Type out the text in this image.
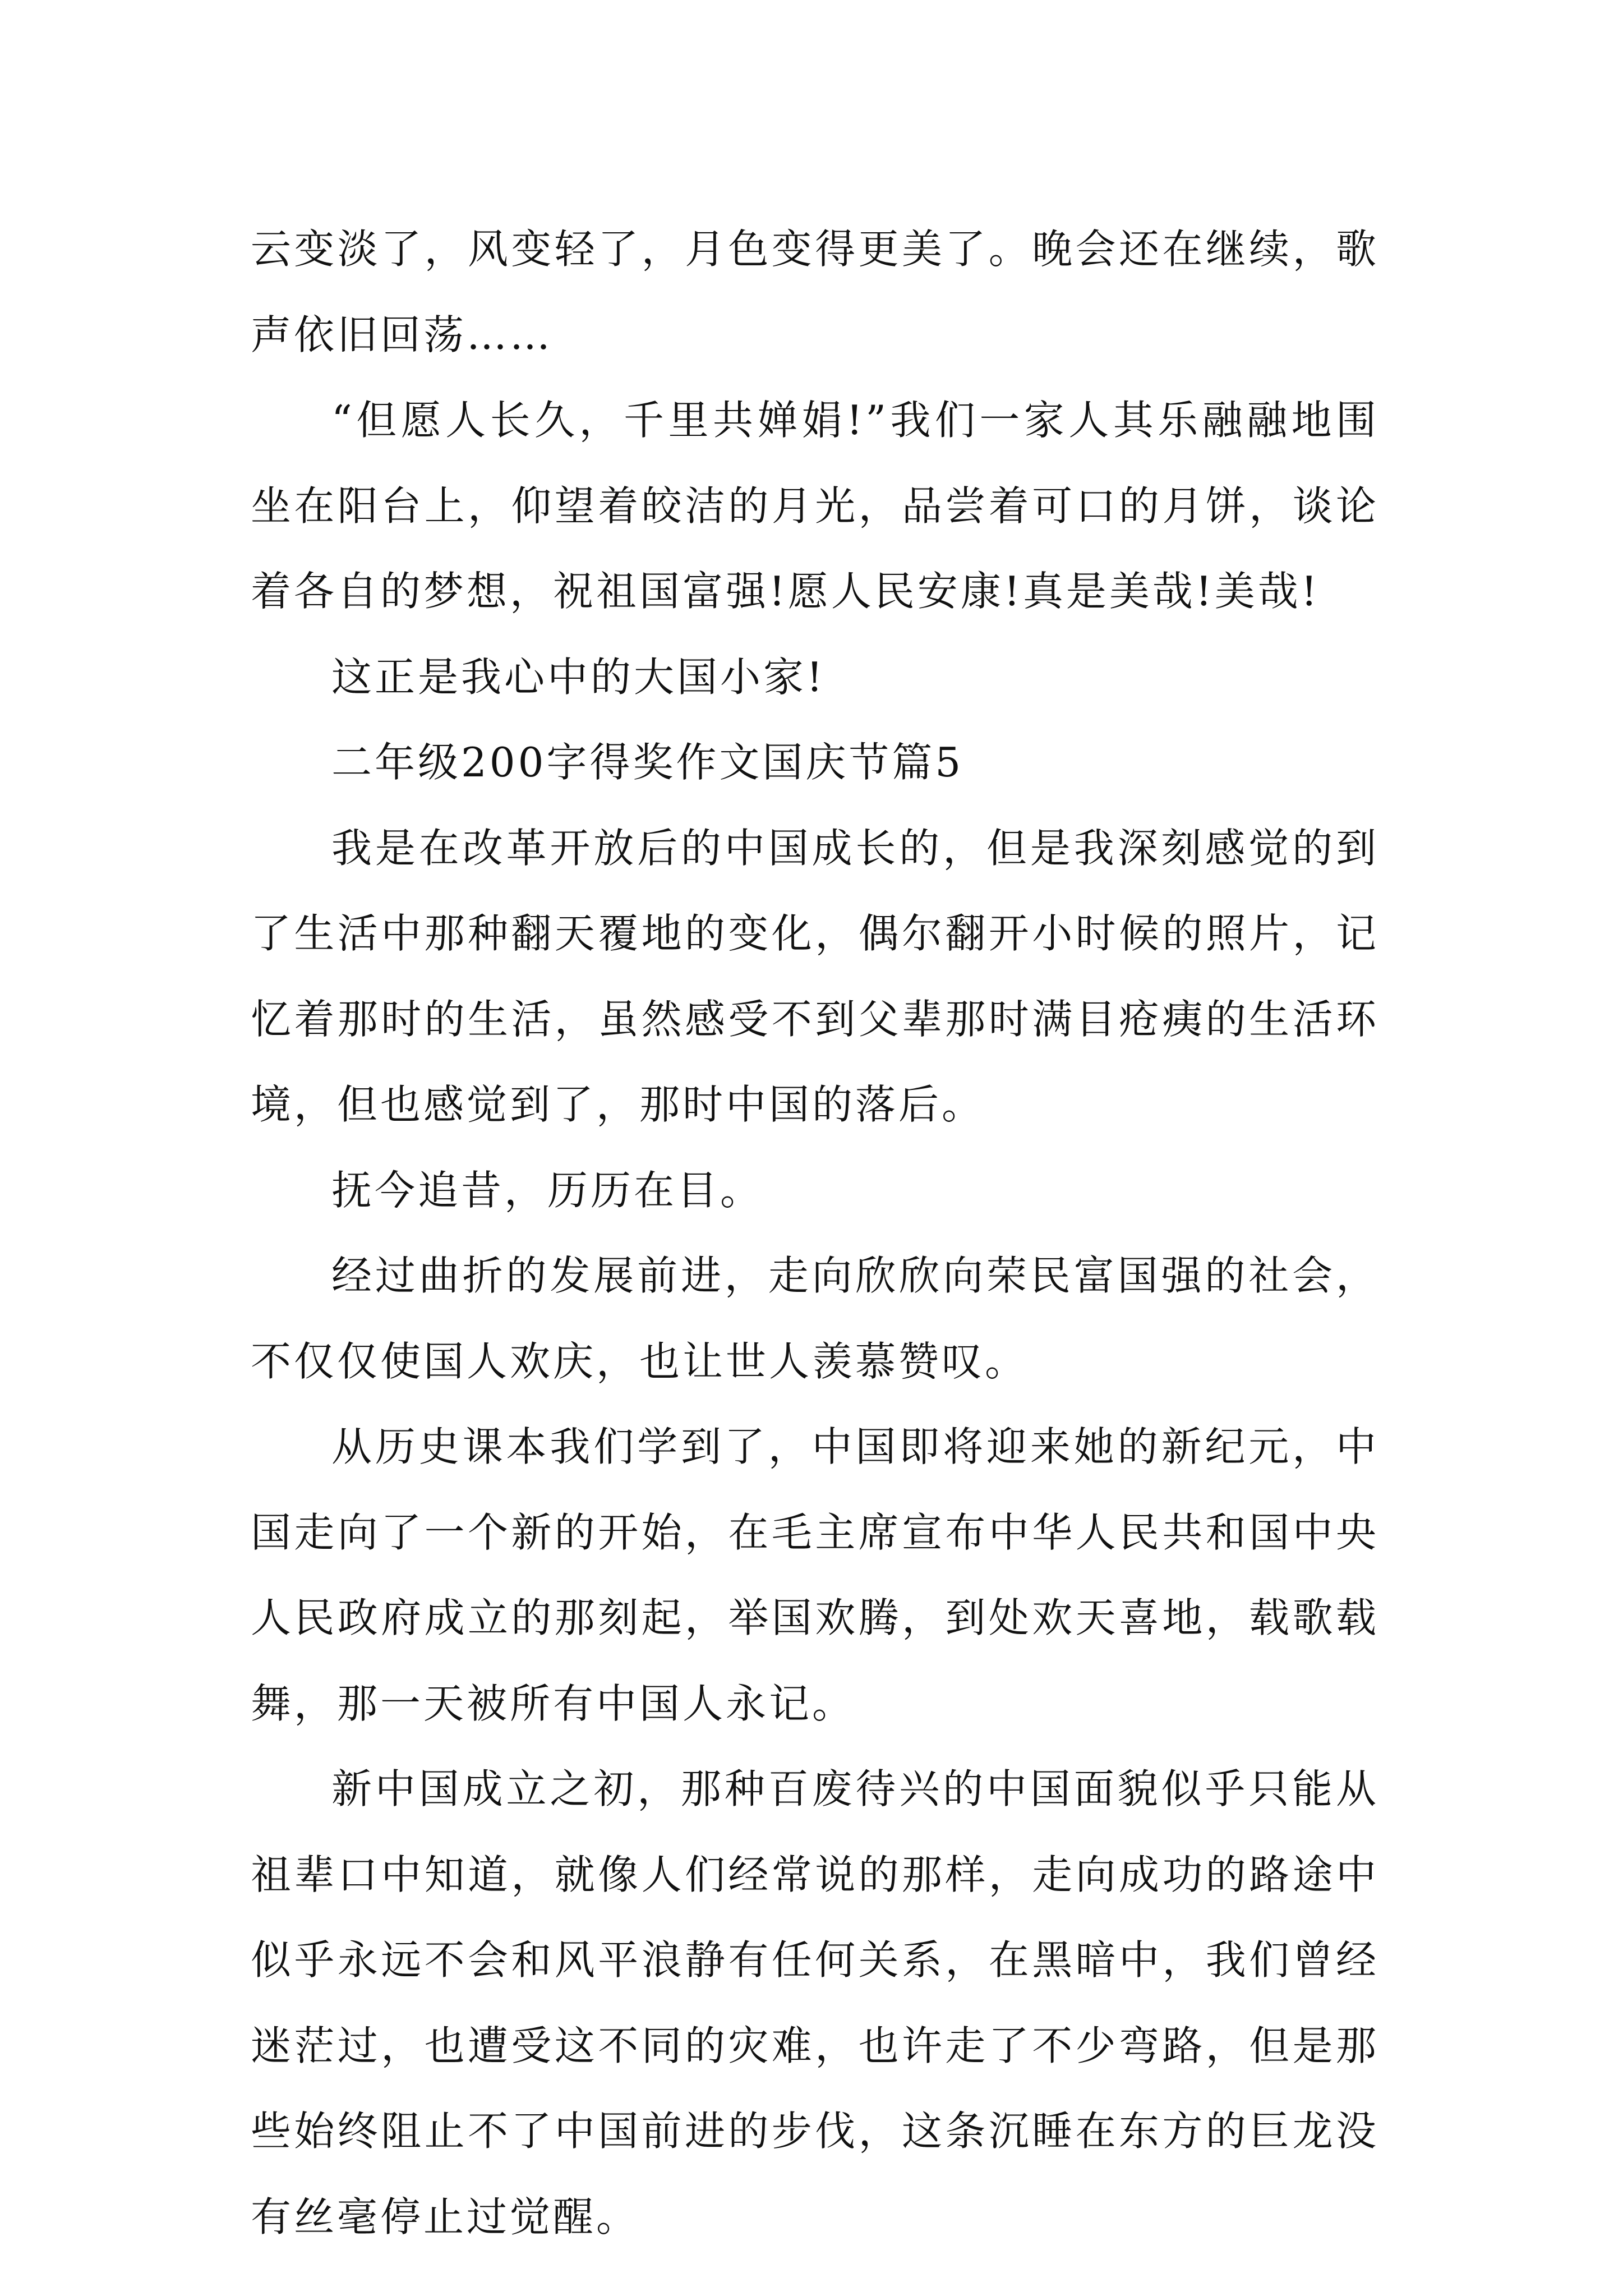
云变淡了，风变轻了，月色变得更美了。晚会还在继续，歌声依旧回荡……

“但愿人长久，千里共婵娟!”我们一家人其乐融融地围坐在阳台上，仰望着皎洁的月光，品尝着可口的月饼，谈论着各自的梦想，祝祖国富强!愿人民安康!真是美哉!美哉!

这正是我心中的大国小家!

二年级200字得奖作文国庆节篇5

我是在改革开放后的中国成长的，但是我深刻感觉的到了生活中那种翻天覆地的变化，偶尔翻开小时候的照片，记忆着那时的生活，虽然感受不到父辈那时满目疮痍的生活环境，但也感觉到了，那时中国的落后。

抚今追昔，历历在目。

经过曲折的发展前进，走向欣欣向荣民富国强的社会，不仅仅使国人欢庆，也让世人羡慕赞叹。

从历史课本我们学到了，中国即将迎来她的新纪元，中国走向了一个新的开始，在毛主席宣布中华人民共和国中央人民政府成立的那刻起，举国欢腾，到处欢天喜地，载歌载舞，那一天被所有中国人永记。

新中国成立之初，那种百废待兴的中国面貌似乎只能从祖辈口中知道，就像人们经常说的那样，走向成功的路途中似乎永远不会和风平浪静有任何关系，在黑暗中，我们曾经迷茫过，也遭受这不同的灾难，也许走了不少弯路，但是那些始终阻止不了中国前进的步伐，这条沉睡在东方的巨龙没有丝毫停止过觉醒。
